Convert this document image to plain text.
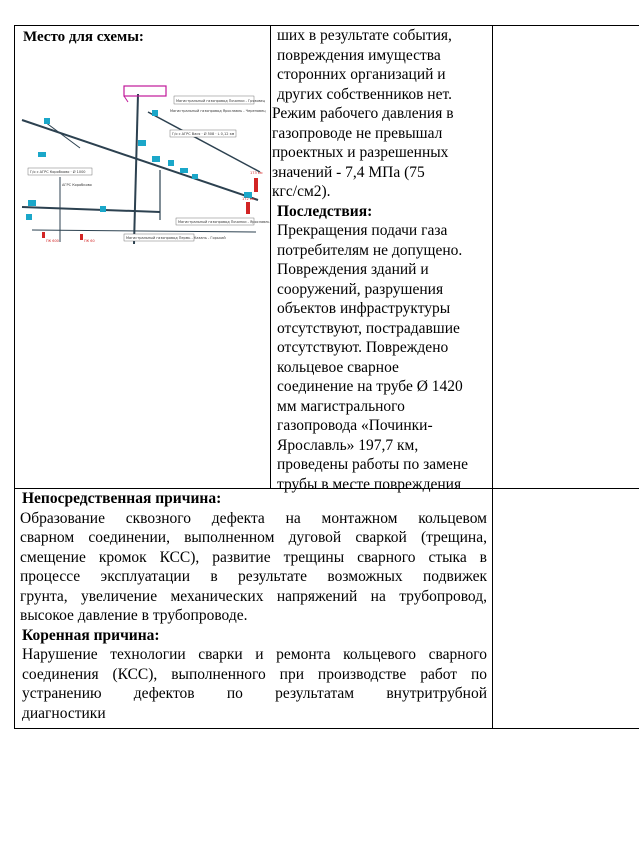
Место для схемы:
Магистральный газопровод Починки - Грязовец
Магистральный газопровод Починки - Ярославль
Магистральный газопровод Пермь - Казань - Горький
Магистральный газопровод Ярославль - Череповец
Г/о с АГРС Коробково · Ø 1000
Г/о с АГРС Вася · Ø 508 · L 0,12 км
АГРС Коробково
173 км
172 км
ПК 600	ПК 60
ших в результате события,
повреждения имущества
сторонних организаций и
других собственников нет.
Режим рабочего давления в
газопроводе не превышал
проектных и разрешенных
значений - 7,4 МПа (75
кгс/см2).
Последствия:
Прекращения подачи газа
потребителям не допущено.
Повреждения зданий и
сооружений, разрушения
объектов инфраструктуры
отсутствуют, пострадавшие
отсутствуют. Повреждено
кольцевое сварное
соединение на трубе Ø 1420
мм магистрального
газопровода «Починки-
Ярославль» 197,7 км,
проведены работы по замене
трубы в месте повреждения
Непосредственная причина:
Образование сквозного дефекта на монтажном кольцевом
сварном соединении, выполненном дуговой сваркой (трещина,
смещение кромок КСС), развитие трещины сварного стыка в
процессе эксплуатации в результате возможных подвижек
грунта, увеличение механических напряжений на трубопровод,
высокое давление в трубопроводе.
Коренная причина:
Нарушение технологии сварки и ремонта кольцевого сварного
соединения (КСС), выполненного при производстве работ по
устранению дефектов по результатам внутритрубной
диагностики
